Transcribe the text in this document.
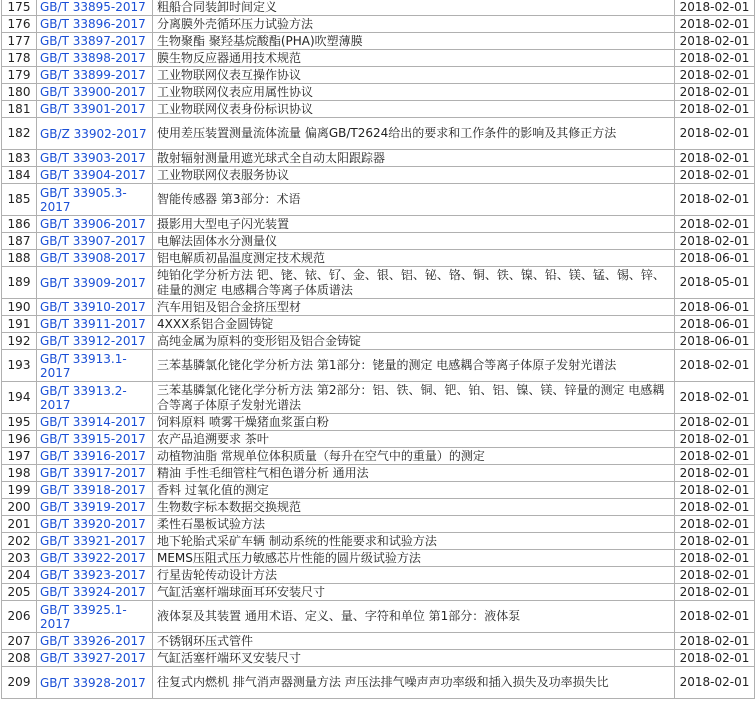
175	GB/T 33895-2017	粗船合同装卸时间定义	2018-02-01
176	GB/T 33896-2017	分离膜外壳循环压力试验方法	2018-02-01
177	GB/T 33897-2017	生物聚酯 聚羟基烷酸酯(PHA)吹塑薄膜	2018-02-01
178	GB/T 33898-2017	膜生物反应器通用技术规范	2018-02-01
179	GB/T 33899-2017	工业物联网仪表互操作协议	2018-02-01
180	GB/T 33900-2017	工业物联网仪表应用属性协议	2018-02-01
181	GB/T 33901-2017	工业物联网仪表身份标识协议	2018-02-01
182	GB/Z 33902-2017	使用差压装置测量流体流量 偏离GB/T2624给出的要求和工作条件的影响及其修正方法	2018-02-01
183	GB/T 33903-2017	散射辐射测量用遮光球式全自动太阳跟踪器	2018-02-01
184	GB/T 33904-2017	工业物联网仪表服务协议	2018-02-01
185	GB/T 33905.3-2017	智能传感器 第3部分：术语	2018-02-01
186	GB/T 33906-2017	摄影用大型电子闪光装置	2018-02-01
187	GB/T 33907-2017	电解法固体水分测量仪	2018-02-01
188	GB/T 33908-2017	铝电解质初晶温度测定技术规范	2018-06-01
189	GB/T 33909-2017	纯铂化学分析方法 钯、铑、铱、钌、金、银、铝、铋、铬、铜、铁、镍、铅、镁、锰、锡、锌、硅量的测定 电感耦合等离子体质谱法	2018-05-01
190	GB/T 33910-2017	汽车用铝及铝合金挤压型材	2018-06-01
191	GB/T 33911-2017	4XXX系铝合金圆铸锭	2018-06-01
192	GB/T 33912-2017	高纯金属为原料的变形铝及铝合金铸锭	2018-06-01
193	GB/T 33913.1-2017	三苯基膦氯化铑化学分析方法 第1部分：铑量的测定 电感耦合等离子体原子发射光谱法	2018-02-01
194	GB/T 33913.2-2017	三苯基膦氯化铑化学分析方法 第2部分：铝、铁、铜、钯、铂、铝、镍、镁、锌量的测定 电感耦合等离子体原子发射光谱法	2018-02-01
195	GB/T 33914-2017	饲料原料 喷雾干燥猪血浆蛋白粉	2018-02-01
196	GB/T 33915-2017	农产品追溯要求 茶叶	2018-02-01
197	GB/T 33916-2017	动植物油脂 常规单位体积质量（每升在空气中的重量）的测定	2018-02-01
198	GB/T 33917-2017	精油 手性毛细管柱气相色谱分析 通用法	2018-02-01
199	GB/T 33918-2017	香料 过氧化值的测定	2018-02-01
200	GB/T 33919-2017	生物数字标本数据交换规范	2018-02-01
201	GB/T 33920-2017	柔性石墨板试验方法	2018-02-01
202	GB/T 33921-2017	地下轮胎式采矿车辆 制动系统的性能要求和试验方法	2018-02-01
203	GB/T 33922-2017	MEMS压阻式压力敏感芯片性能的圆片级试验方法	2018-02-01
204	GB/T 33923-2017	行星齿轮传动设计方法	2018-02-01
205	GB/T 33924-2017	气缸活塞杆端球面耳环安装尺寸	2018-02-01
206	GB/T 33925.1-2017	液体泵及其装置 通用术语、定义、量、字符和单位 第1部分：液体泵	2018-02-01
207	GB/T 33926-2017	不锈钢环压式管件	2018-02-01
208	GB/T 33927-2017	气缸活塞杆端环叉安装尺寸	2018-02-01
209	GB/T 33928-2017	往复式内燃机 排气消声器测量方法 声压法排气噪声声功率级和插入损失及功率损失比	2018-02-01
